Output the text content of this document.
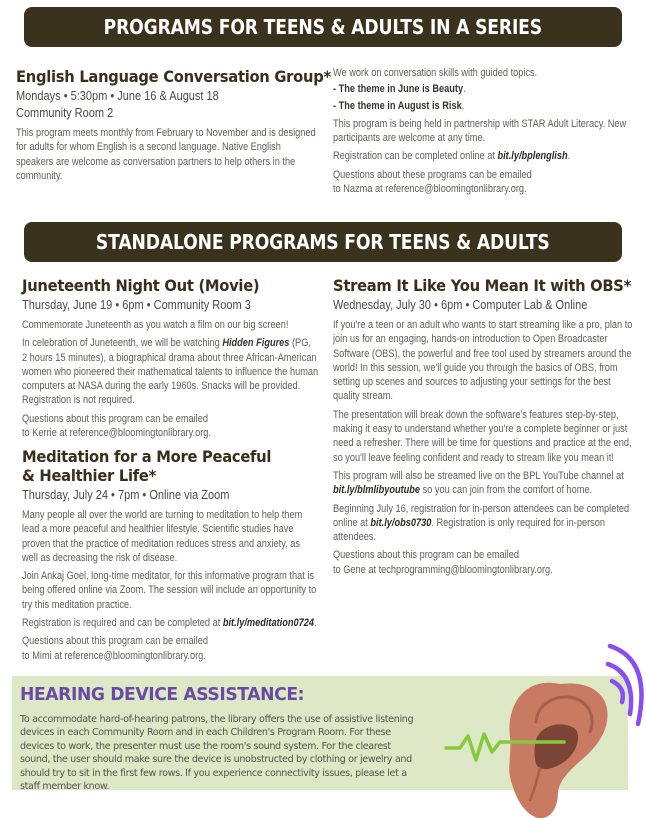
PROGRAMS FOR TEENS & ADULTS IN A SERIES
English Language Conversation Group*
Mondays • 5:30pm • June 16 & August 18
Community Room 2
This program meets monthly from February to November and is designed for adults for whom English is a second language. Native English speakers are welcome as conversation partners to help others in the community.
We work on conversation skills with guided topics.
- The theme in June is Beauty.
- The theme in August is Risk.
This program is being held in partnership with STAR Adult Literacy. New participants are welcome at any time.
Registration can be completed online at bit.ly/bplenglish.
Questions about these programs can be emailed
to Nazma at reference@bloomingtonlibrary.org.
STANDALONE PROGRAMS FOR TEENS & ADULTS
Juneteenth Night Out (Movie)
Thursday, June 19 • 6pm • Community Room 3
Commemorate Juneteenth as you watch a film on our big screen!
In celebration of Juneteenth, we will be watching Hidden Figures (PG, 2 hours 15 minutes), a biographical drama about three African-American women who pioneered their mathematical talents to influence the human computers at NASA during the early 1960s. Snacks will be provided. Registration is not required.
Questions about this program can be emailed
to Kerrie at reference@bloomingtonlibrary.org.
Meditation for a More Peaceful
& Healthier Life*
Thursday, July 24 • 7pm • Online via Zoom
Many people all over the world are turning to meditation to help them lead a more peaceful and healthier lifestyle. Scientific studies have proven that the practice of meditation reduces stress and anxiety, as well as decreasing the risk of disease.
Join Ankaj Goel, long-time meditator, for this informative program that is being offered online via Zoom. The session will include an opportunity to try this meditation practice.
Registration is required and can be completed at bit.ly/meditation0724.
Questions about this program can be emailed
to Mimi at reference@bloomingtonlibrary.org.
Stream It Like You Mean It with OBS*
Wednesday, July 30 • 6pm • Computer Lab & Online
If you're a teen or an adult who wants to start streaming like a pro, plan to join us for an engaging, hands-on introduction to Open Broadcaster Software (OBS), the powerful and free tool used by streamers around the world! In this session, we'll guide you through the basics of OBS, from setting up scenes and sources to adjusting your settings for the best quality stream.
The presentation will break down the software's features step-by-step, making it easy to understand whether you're a complete beginner or just need a refresher. There will be time for questions and practice at the end, so you'll leave feeling confident and ready to stream like you mean it!
This program will also be streamed live on the BPL YouTube channel at bit.ly/blmlibyoutube so you can join from the comfort of home.
Beginning July 16, registration for in-person attendees can be completed online at bit.ly/obs0730. Registration is only required for in-person attendees.
Questions about this program can be emailed
to Gene at techprogramming@bloomingtonlibrary.org.
HEARING DEVICE ASSISTANCE:
To accommodate hard-of-hearing patrons, the library offers the use of assistive listening devices in each Community Room and in each Children's Program Room. For these devices to work, the presenter must use the room's sound system. For the clearest sound, the user should make sure the device is unobstructed by clothing or jewelry and should try to sit in the first few rows. If you experience connectivity issues, please let a staff member know.
